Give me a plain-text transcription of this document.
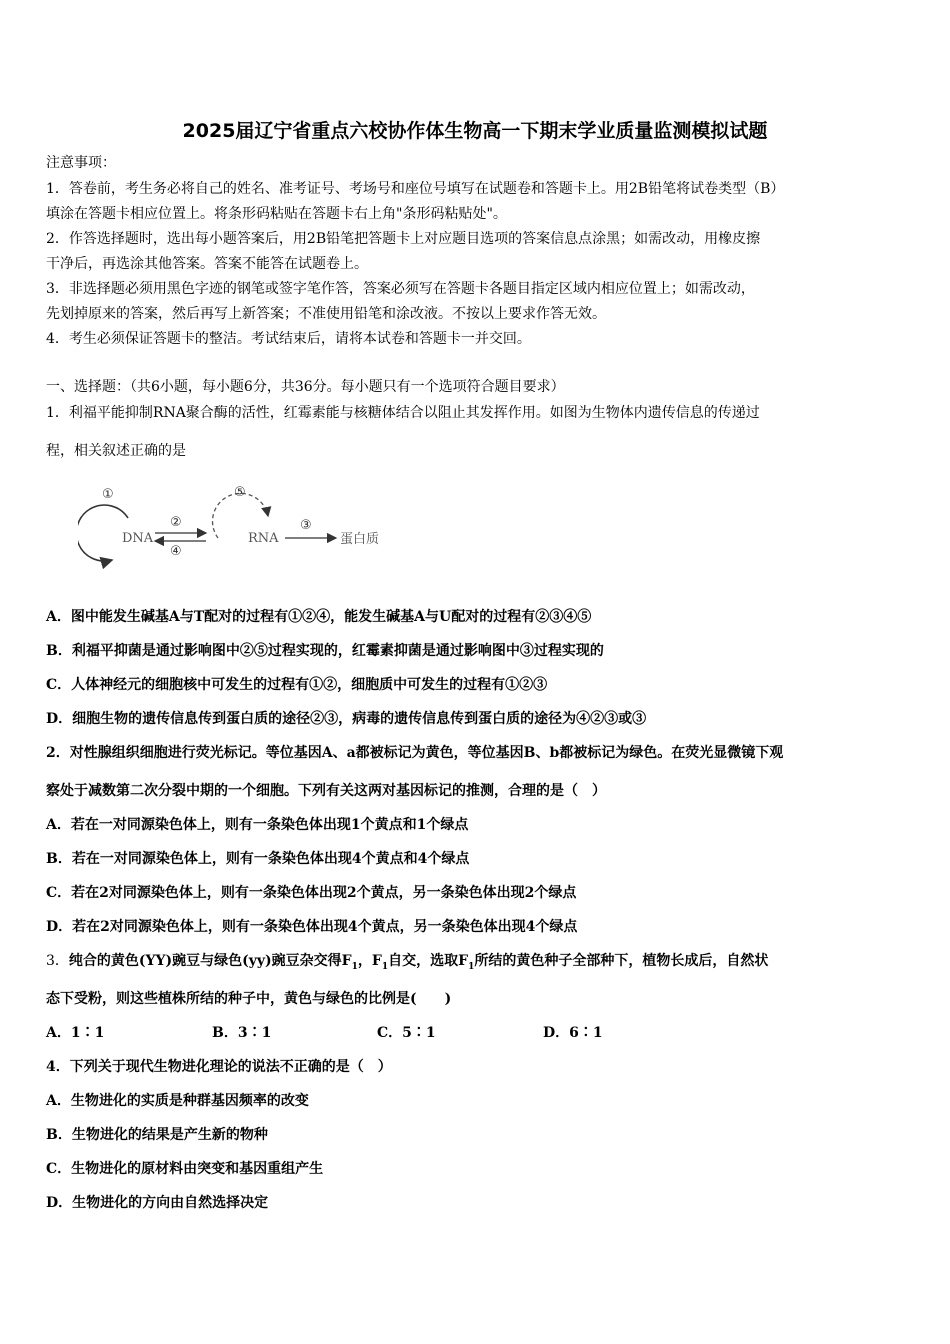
2025届辽宁省重点六校协作体生物高一下期末学业质量监测模拟试题
注意事项：
1．答卷前，考生务必将自己的姓名、准考证号、考场号和座位号填写在试题卷和答题卡上。用2B铅笔将试卷类型（B）
填涂在答题卡相应位置上。将条形码粘贴在答题卡右上角"条形码粘贴处"。
2．作答选择题时，选出每小题答案后，用2B铅笔把答题卡上对应题目选项的答案信息点涂黑；如需改动，用橡皮擦
干净后，再选涂其他答案。答案不能答在试题卷上。
3．非选择题必须用黑色字迹的钢笔或签字笔作答，答案必须写在答题卡各题目指定区域内相应位置上；如需改动，
先划掉原来的答案，然后再写上新答案；不准使用铅笔和涂改液。不按以上要求作答无效。
4．考生必须保证答题卡的整洁。考试结束后，请将本试卷和答题卡一并交回。
一、选择题：（共6小题，每小题6分，共36分。每小题只有一个选项符合题目要求）
1．利福平能抑制RNA聚合酶的活性，红霉素能与核糖体结合以阻止其发挥作用。如图为生物体内遗传信息的传递过
程，相关叙述正确的是
①	⑤
②
④
③
DNA	RNA	蛋白质
A．图中能发生碱基A与T配对的过程有①②④，能发生碱基A与U配对的过程有②③④⑤
B．利福平抑菌是通过影响图中②⑤过程实现的，红霉素抑菌是通过影响图中③过程实现的
C．人体神经元的细胞核中可发生的过程有①②，细胞质中可发生的过程有①②③
D．细胞生物的遗传信息传到蛋白质的途径②③，病毒的遗传信息传到蛋白质的途径为④②③或③
2．对性腺组织细胞进行荧光标记。等位基因A、a都被标记为黄色，等位基因B、b都被标记为绿色。在荧光显微镜下观
察处于减数第二次分裂中期的一个细胞。下列有关这两对基因标记的推测，合理的是（　）
A．若在一对同源染色体上，则有一条染色体出现1个黄点和1个绿点
B．若在一对同源染色体上，则有一条染色体出现4个黄点和4个绿点
C．若在2对同源染色体上，则有一条染色体出现2个黄点，另一条染色体出现2个绿点
D．若在2对同源染色体上，则有一条染色体出现4个黄点，另一条染色体出现4个绿点
3．纯合的黄色(YY)豌豆与绿色(yy)豌豆杂交得$F_1$，$F_1$自交，选取$F_1$所结的黄色种子全部种下，植物长成后，自然状
态下受粉，则这些植株所结的种子中，黄色与绿色的比例是(　　)
A．1∶1	B．3∶1	C．5∶1	D．6∶1
4．下列关于现代生物进化理论的说法不正确的是（　）
A．生物进化的实质是种群基因频率的改变
B．生物进化的结果是产生新的物种
C．生物进化的原材料由突变和基因重组产生
D．生物进化的方向由自然选择决定
